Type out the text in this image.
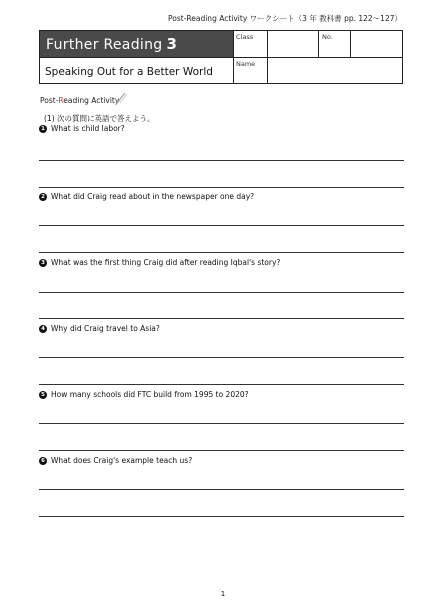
Post-Reading Activity ワークシート（3 年 教科書 pp. 122〜127）
Further Reading 3
Speaking Out for a Better World
Class	No.
Name
Post-Reading Activity
(1) 次の質問に英語で答えよう。
1 What is child labor?
2 What did Craig read about in the newspaper one day?
3 What was the first thing Craig did after reading Iqbal's story?
4 Why did Craig travel to Asia?
5 How many schools did FTC build from 1995 to 2020?
6 What does Craig's example teach us?
1
